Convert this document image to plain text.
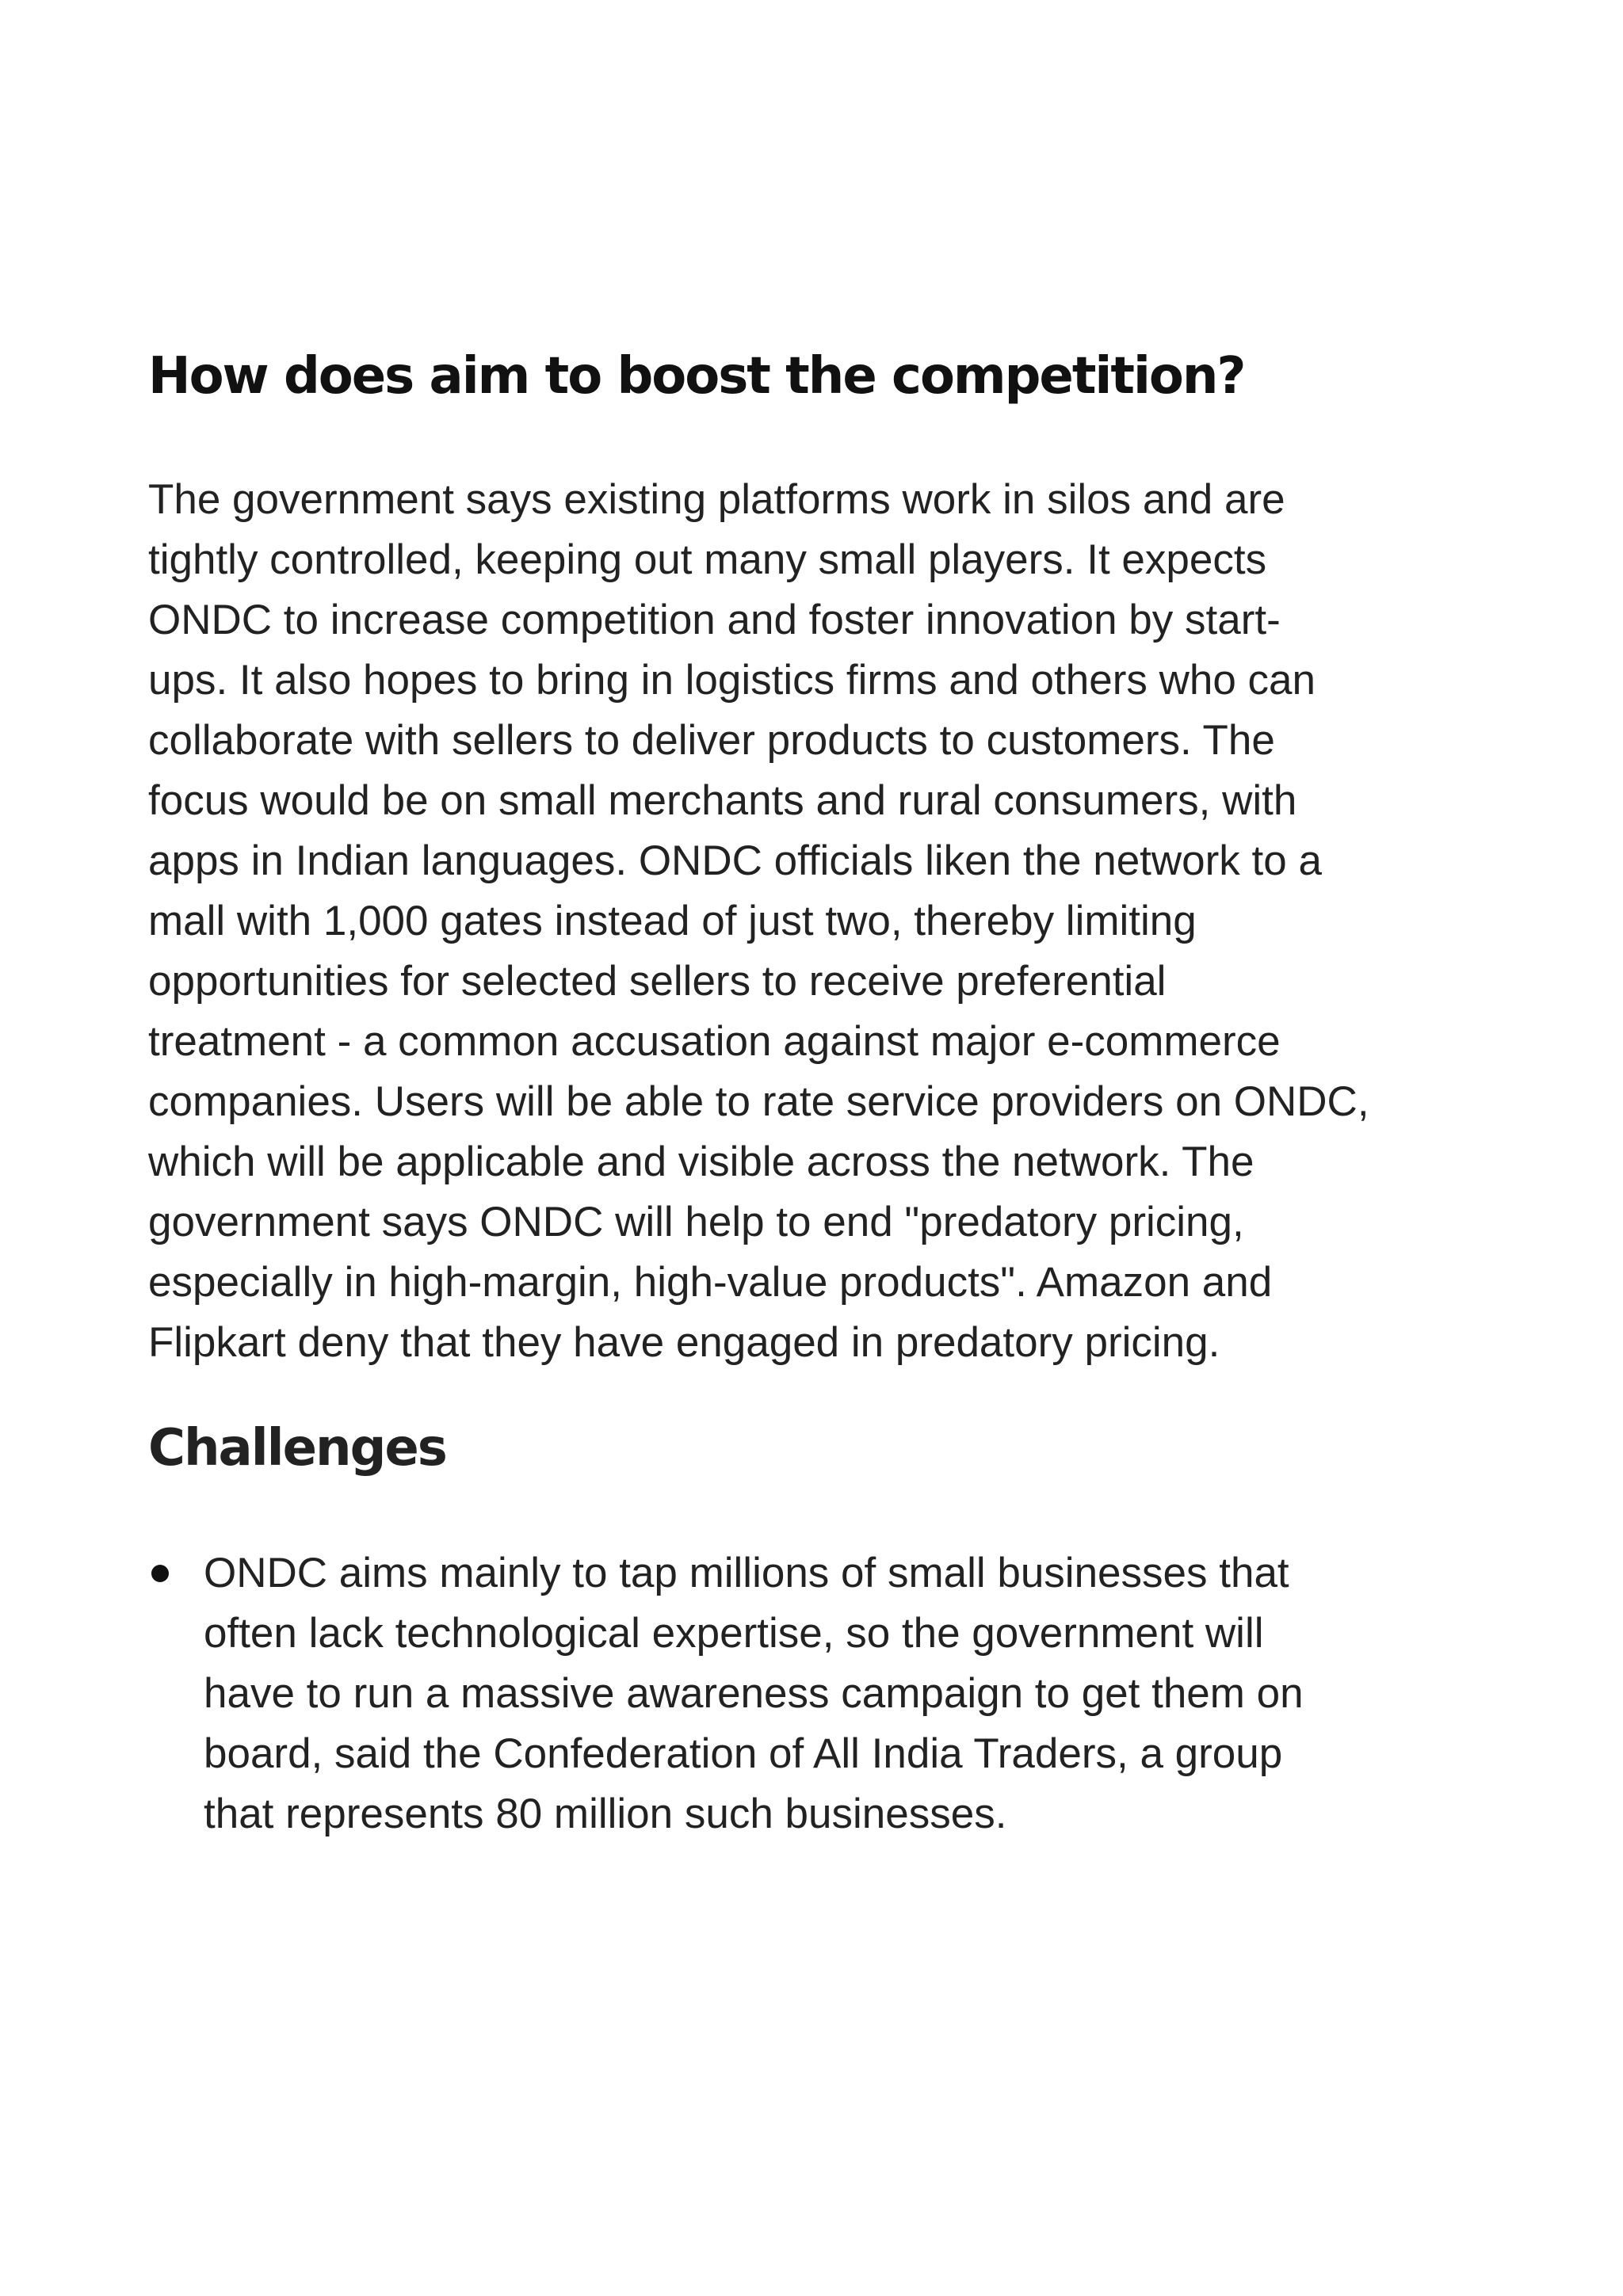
How does aim to boost the competition?

The government says existing platforms work in silos and are
tightly controlled, keeping out many small players. It expects
ONDC to increase competition and foster innovation by start-
ups. It also hopes to bring in logistics firms and others who can
collaborate with sellers to deliver products to customers. The
focus would be on small merchants and rural consumers, with
apps in Indian languages. ONDC officials liken the network to a
mall with 1,000 gates instead of just two, thereby limiting
opportunities for selected sellers to receive preferential
treatment - a common accusation against major e-commerce
companies. Users will be able to rate service providers on ONDC,
which will be applicable and visible across the network. The
government says ONDC will help to end "predatory pricing,
especially in high-margin, high-value products". Amazon and
Flipkart deny that they have engaged in predatory pricing.

Challenges
ONDC aims mainly to tap millions of small businesses that
often lack technological expertise, so the government will
have to run a massive awareness campaign to get them on
board, said the Confederation of All India Traders, a group
that represents 80 million such businesses.
